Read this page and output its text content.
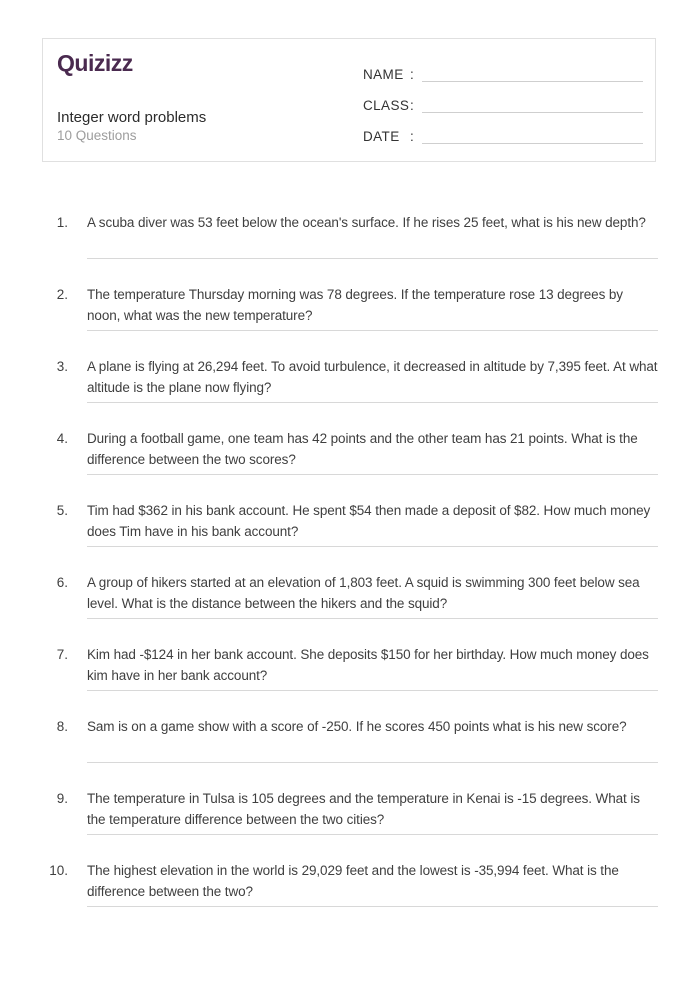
Quizizz
Integer word problems
10 Questions
NAME :
CLASS :
DATE :
1. A scuba diver was 53 feet below the ocean's surface. If he rises 25 feet, what is his new depth?
2. The temperature Thursday morning was 78 degrees. If the temperature rose 13 degrees by noon, what was the new temperature?
3. A plane is flying at 26,294 feet. To avoid turbulence, it decreased in altitude by 7,395 feet. At what altitude is the plane now flying?
4. During a football game, one team has 42 points and the other team has 21 points. What is the difference between the two scores?
5. Tim had $362 in his bank account. He spent $54 then made a deposit of $82. How much money does Tim have in his bank account?
6. A group of hikers started at an elevation of 1,803 feet. A squid is swimming 300 feet below sea level. What is the distance between the hikers and the squid?
7. Kim had -$124 in her bank account. She deposits $150 for her birthday. How much money does kim have in her bank account?
8. Sam is on a game show with a score of -250. If he scores 450 points what is his new score?
9. The temperature in Tulsa is 105 degrees and the temperature in Kenai is -15 degrees. What is the temperature difference between the two cities?
10. The highest elevation in the world is 29,029 feet and the lowest is -35,994 feet. What is the difference between the two?
